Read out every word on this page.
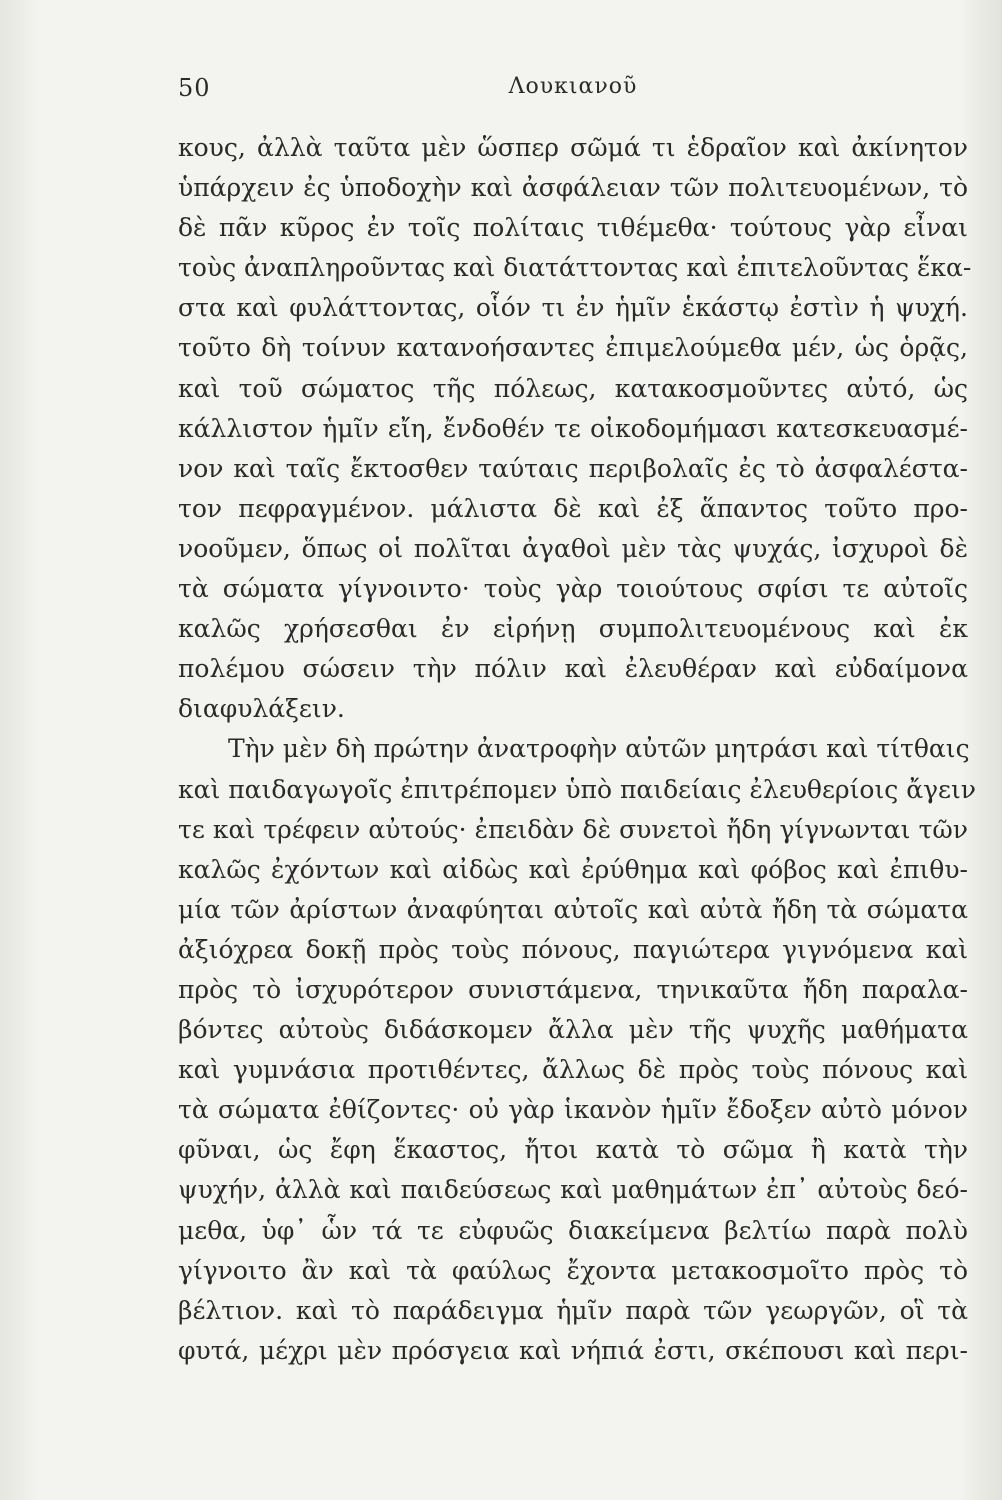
50	Λουκιανοῦ
κους, ἀλλὰ ταῦτα μὲν ὥσπερ σῶμά τι ἑδραῖον καὶ ἀκίνητον
ὑπάρχειν ἐς ὑποδοχὴν καὶ ἀσφάλειαν τῶν πολιτευομένων, τὸ
δὲ πᾶν κῦρος ἐν τοῖς πολίταις τιθέμεθα· τούτους γὰρ εἶναι
τοὺς ἀναπληροῦντας καὶ διατάττοντας καὶ ἐπιτελοῦντας ἕκα-
στα καὶ φυλάττοντας, οἷόν τι ἐν ἡμῖν ἑκάστῳ ἐστὶν ἡ ψυχή.
τοῦτο δὴ τοίνυν κατανοήσαντες ἐπιμελούμεθα μέν, ὡς ὁρᾷς,
καὶ τοῦ σώματος τῆς πόλεως, κατακοσμοῦντες αὐτό, ὡς
κάλλιστον ἡμῖν εἴη, ἔνδοθέν τε οἰκοδομήμασι κατεσκευασμέ-
νον καὶ ταῖς ἔκτοσθεν ταύταις περιβολαῖς ἐς τὸ ἀσφαλέστα-
τον πεφραγμένον. μάλιστα δὲ καὶ ἐξ ἅπαντος τοῦτο προ-
νοοῦμεν, ὅπως οἱ πολῖται ἀγαθοὶ μὲν τὰς ψυχάς, ἰσχυροὶ δὲ
τὰ σώματα γίγνοιντο· τοὺς γὰρ τοιούτους σφίσι τε αὐτοῖς
καλῶς χρήσεσθαι ἐν εἰρήνῃ συμπολιτευομένους καὶ ἐκ
πολέμου σώσειν τὴν πόλιν καὶ ἐλευθέραν καὶ εὐδαίμονα
διαφυλάξειν.
Τὴν μὲν δὴ πρώτην ἀνατροφὴν αὐτῶν μητράσι καὶ τίτθαις
καὶ παιδαγωγοῖς ἐπιτρέπομεν ὑπὸ παιδείαις ἐλευθερίοις ἄγειν
τε καὶ τρέφειν αὐτούς· ἐπειδὰν δὲ συνετοὶ ἤδη γίγνωνται τῶν
καλῶς ἐχόντων καὶ αἰδὼς καὶ ἐρύθημα καὶ φόβος καὶ ἐπιθυ-
μία τῶν ἀρίστων ἀναφύηται αὐτοῖς καὶ αὐτὰ ἤδη τὰ σώματα
ἀξιόχρεα δοκῇ πρὸς τοὺς πόνους, παγιώτερα γιγνόμενα καὶ
πρὸς τὸ ἰσχυρότερον συνιστάμενα, τηνικαῦτα ἤδη παραλα-
βόντες αὐτοὺς διδάσκομεν ἄλλα μὲν τῆς ψυχῆς μαθήματα
καὶ γυμνάσια προτιθέντες, ἄλλως δὲ πρὸς τοὺς πόνους καὶ
τὰ σώματα ἐθίζοντες· οὐ γὰρ ἱκανὸν ἡμῖν ἔδοξεν αὐτὸ μόνον
φῦναι, ὡς ἔφη ἕκαστος, ἤτοι κατὰ τὸ σῶμα ἢ κατὰ τὴν
ψυχήν, ἀλλὰ καὶ παιδεύσεως καὶ μαθημάτων ἐπ᾽ αὐτοὺς δεό-
μεθα, ὑφ᾽ ὧν τά τε εὐφυῶς διακείμενα βελτίω παρὰ πολὺ
γίγνοιτο ἂν καὶ τὰ φαύλως ἔχοντα μετακοσμοῖτο πρὸς τὸ
βέλτιον. καὶ τὸ παράδειγμα ἡμῖν παρὰ τῶν γεωργῶν, οἳ τὰ
φυτά, μέχρι μὲν πρόσγεια καὶ νήπιά ἐστι, σκέπουσι καὶ περι-
